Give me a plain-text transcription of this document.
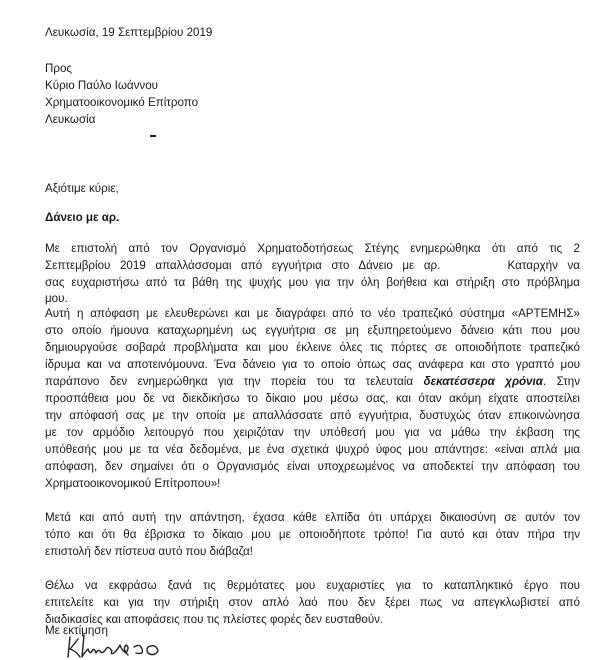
Λευκωσία, 19 Σεπτεμβρίου 2019
Προς
Κύριο Παύλο Ιωάννου
Χρηματοοικονομικό Επίτροπο
Λευκωσία
Αξιότιμε κύριε,
Δάνειο με αρ.
Με επιστολή από τον Οργανισμό Χρηματοδοτήσεως Στέγης ενημερώθηκα ότι από τις 2
Σεπτεμβρίου 2019 απαλλάσσομαι από εγγυήτρια στο Δάνειο με αρ.	Καταρχήν να
σας ευχαριστήσω από τα βάθη της ψυχής μου για την όλη βοήθεια και στήριξη στο πρόβλημα
μου.
Αυτή η απόφαση με ελευθερώνει και με διαγράφει από το νέο τραπεζικό σύστημα «ΑΡΤΕΜΗΣ»
στο οποίο ήμουνα καταχωρημένη ως εγγυήτρια σε μη εξυπηρετούμενο δάνειο κάτι που μου
δημιουργούσε σοβαρά προβλήματα και μου έκλεινε όλες τις πόρτες σε οποιοδήποτε τραπεζικό
ίδρυμα και να αποτεινόμουνα. Ένα δάνειο για το οποίο όπως σας ανάφερα και στο γραπτό μου
παράπονο δεν ενημερώθηκα για την πορεία του τα τελευταία δεκατέσσερα χρόνια. Στην
προσπάθεια μου δε να διεκδικήσω το δίκαιο μου μέσω σας, και όταν ακόμη είχατε αποστείλει
την απόφασή σας με την οποία με απαλλάσσατε από εγγυήτρια, δυστυχώς όταν επικοινώνησα
με τον αρμόδιο λειτουργό που χειριζόταν την υπόθεσή μου για να μάθω την έκβαση της
υπόθεσής μου με τα νέα δεδομένα, με ένα σχετικά ψυχρό ύφος μου απάντησε: «είναι απλά μια
απόφαση, δεν σημαίνει ότι ο Οργανισμός είναι υποχρεωμένος να αποδεκτεί την απόφαση του
Χρηματοοικονομικού Επίτροπου»!
Μετά και από αυτή την απάντηση, έχασα κάθε ελπίδα ότι υπάρχει δικαιοσύνη σε αυτόν τον
τόπο και ότι θα έβρισκα το δίκαιο μου με οποιοδήποτε τρόπο! Για αυτό και όταν πήρα την
επιστολή δεν πίστευα αυτό που διάβαζα!
Θέλω να εκφράσω ξανά τις θερμότατες μου ευχαριστίες για το καταπληκτικό έργο που
επιτελείτε και για την στήριξη στον απλό λαό που δεν ξέρει πως να απεγκλωβιστεί από
διαδικασίες και αποφάσεις που τις πλείστες φορές δεν ευσταθούν.
Με εκτίμηση
